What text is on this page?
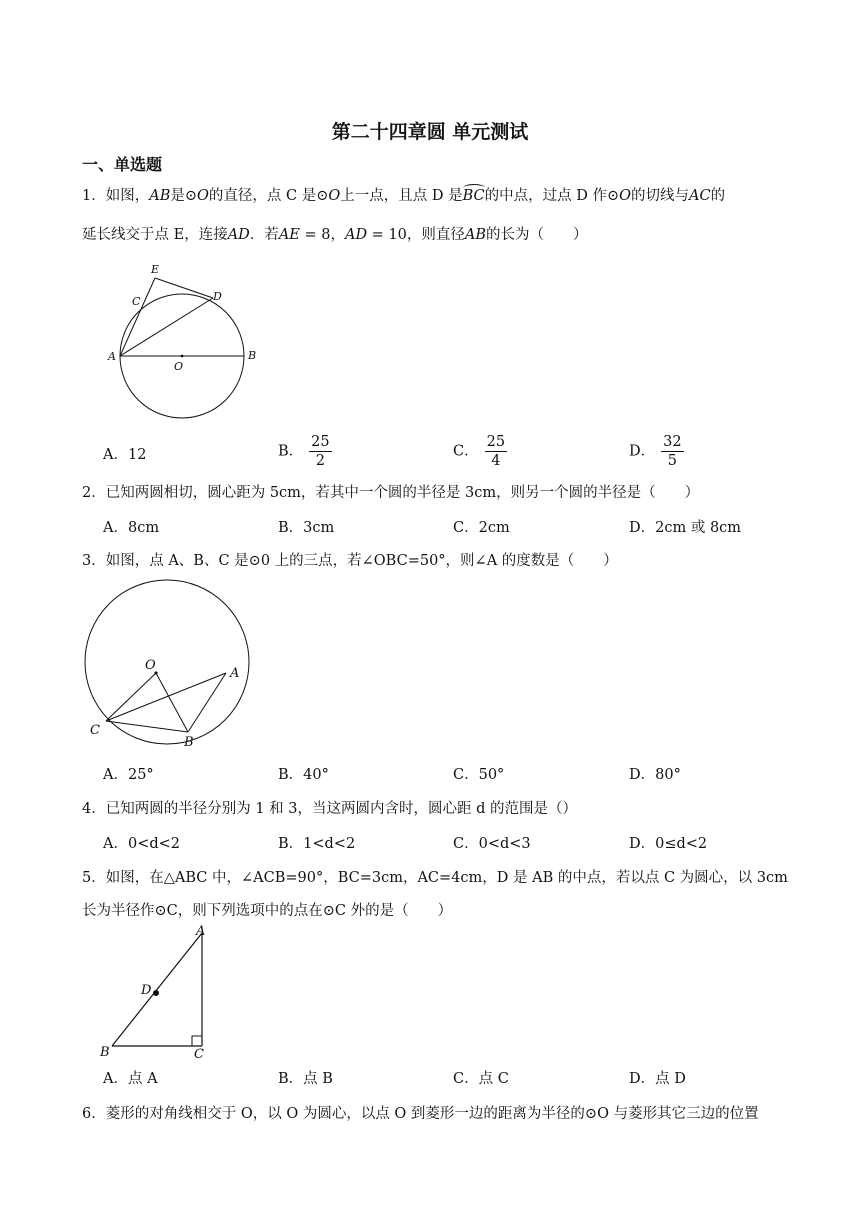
第二十四章圆 单元测试
一、单选题
1．如图，AB是⊙O的直径，点 C 是⊙O上一点，且点 D 是BC的中点，过点 D 作⊙O的切线与AC的
延长线交于点 E，连接AD．若AE = 8，AD = 10，则直径AB的长为（　　）
E
C	D
A
O
B
A．12	B． $\frac{25}{2}$	C． $\frac{25}{4}$	D． $\frac{32}{5}$
2．已知两圆相切，圆心距为 5cm，若其中一个圆的半径是 3cm，则另一个圆的半径是（　　）
A．8cm	B．3cm	C．2cm	D．2cm 或 8cm
3．如图，点 A、B、C 是⊙0 上的三点，若∠OBC=50°，则∠A 的度数是（　　）
O
A
C
B
A．25°	B．40°	C．50°	D．80°
4．已知两圆的半径分别为 1 和 3，当这两圆内含时，圆心距 d 的范围是（）
A．0<d<2	B．1<d<2	C．0<d<3	D．0≤d<2
5．如图，在△ABC 中，∠ACB=90°，BC=3cm，AC=4cm，D 是 AB 的中点，若以点 C 为圆心，以 3cm
长为半径作⊙C，则下列选项中的点在⊙C 外的是（　　）
A
D
B	C
A．点 A	B．点 B	C．点 C	D．点 D
6．菱形的对角线相交于 O，以 O 为圆心，以点 O 到菱形一边的距离为半径的⊙O 与菱形其它三边的位置
